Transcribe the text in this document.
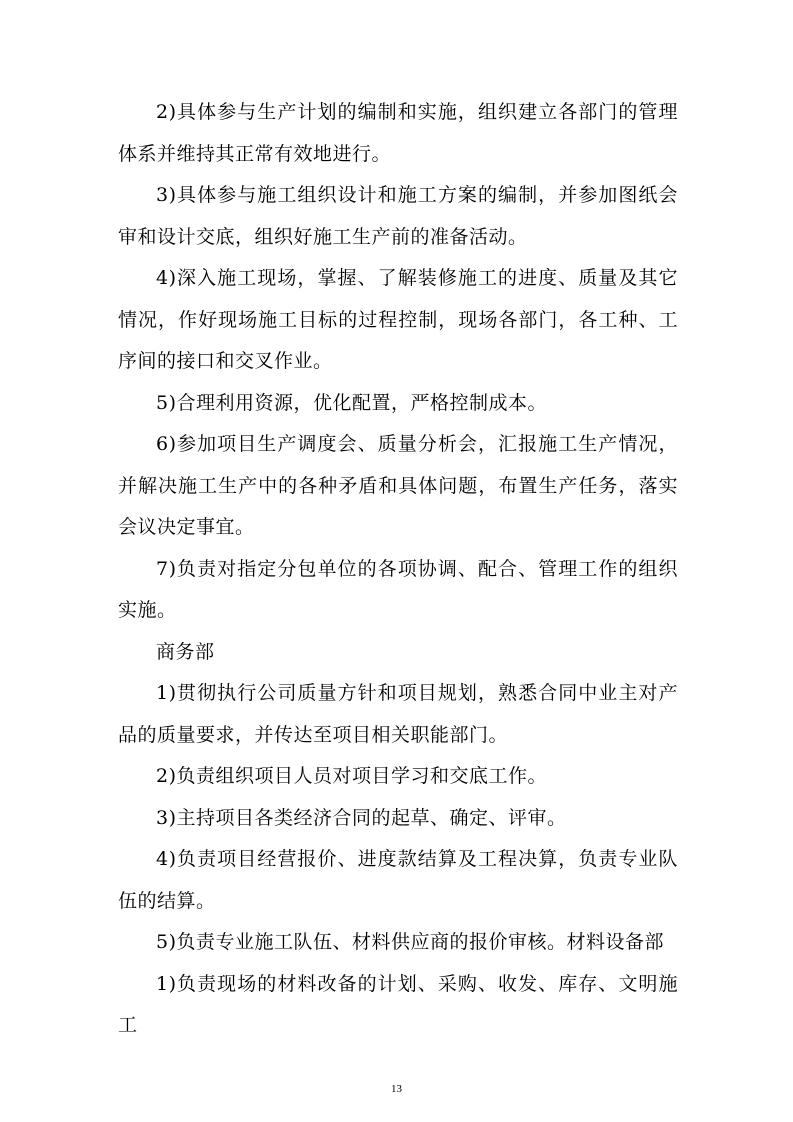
2)具体参与生产计划的编制和实施，组织建立各部门的管理体系并维持其正常有效地进行。

3)具体参与施工组织设计和施工方案的编制，并参加图纸会审和设计交底，组织好施工生产前的准备活动。

4)深入施工现场，掌握、了解装修施工的进度、质量及其它情况，作好现场施工目标的过程控制，现场各部门，各工种、工序间的接口和交叉作业。

5)合理利用资源，优化配置，严格控制成本。

6)参加项目生产调度会、质量分析会，汇报施工生产情况，并解决施工生产中的各种矛盾和具体问题，布置生产任务，落实会议决定事宜。

7)负责对指定分包单位的各项协调、配合、管理工作的组织实施。

商务部

1)贯彻执行公司质量方针和项目规划，熟悉合同中业主对产品的质量要求，并传达至项目相关职能部门。

2)负责组织项目人员对项目学习和交底工作。

3)主持项目各类经济合同的起草、确定、评审。

4)负责项目经营报价、进度款结算及工程决算，负责专业队伍的结算。

5)负责专业施工队伍、材料供应商的报价审核。材料设备部

1)负责现场的材料改备的计划、采购、收发、库存、文明施工

13
